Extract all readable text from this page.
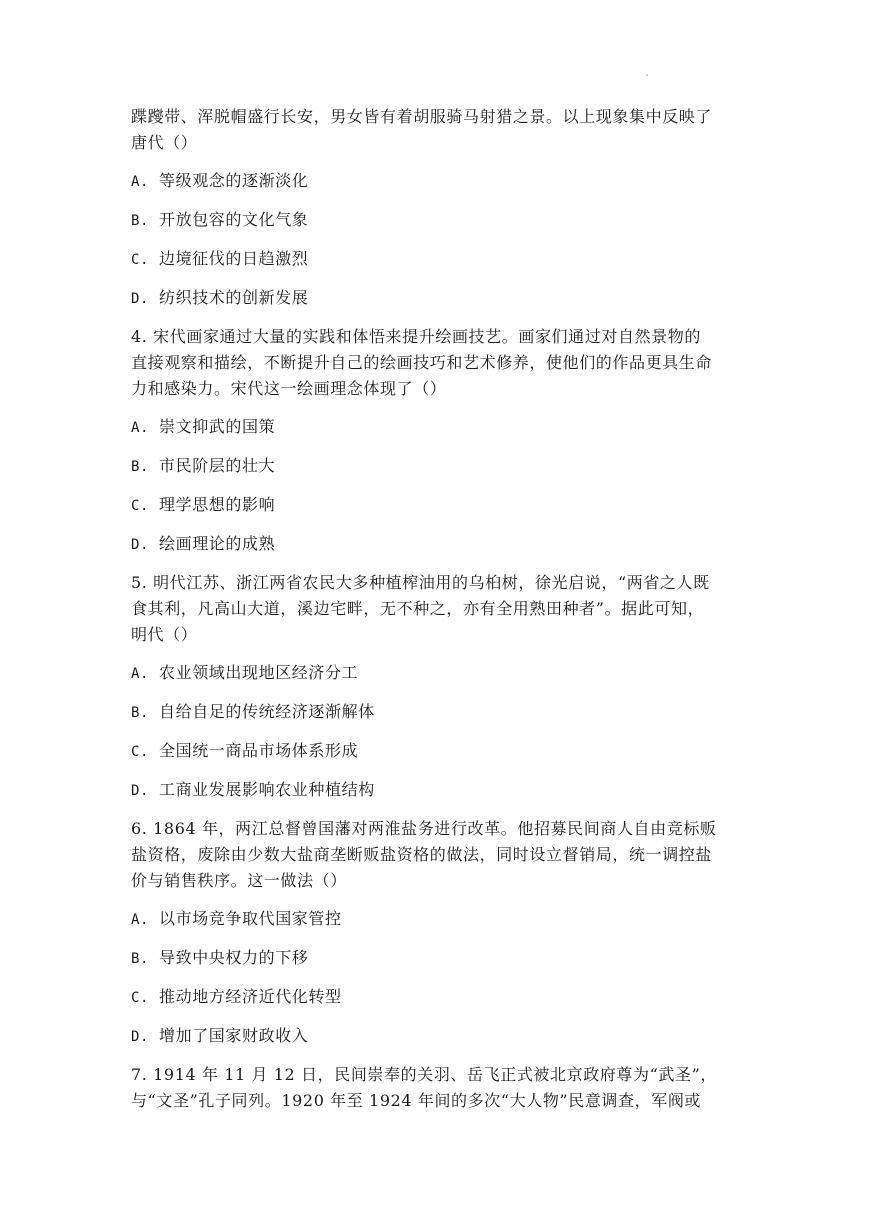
蹀躞带、浑脱帽盛行长安，男女皆有着胡服骑马射猎之景。以上现象集中反映了
唐代（）
A. 等级观念的逐渐淡化
B. 开放包容的文化气象
C. 边境征伐的日趋激烈
D. 纺织技术的创新发展
4. 宋代画家通过大量的实践和体悟来提升绘画技艺。画家们通过对自然景物的
直接观察和描绘，不断提升自己的绘画技巧和艺术修养，使他们的作品更具生命
力和感染力。宋代这一绘画理念体现了（）
A. 崇文抑武的国策
B. 市民阶层的壮大
C. 理学思想的影响
D. 绘画理论的成熟
5. 明代江苏、浙江两省农民大多种植榨油用的乌桕树，徐光启说，“两省之人既
食其利，凡高山大道，溪边宅畔，无不种之，亦有全用熟田种者”。据此可知，
明代（）
A. 农业领域出现地区经济分工
B. 自给自足的传统经济逐渐解体
C. 全国统一商品市场体系形成
D. 工商业发展影响农业种植结构
6. 1864 年，两江总督曾国藩对两淮盐务进行改革。他招募民间商人自由竞标贩
盐资格，废除由少数大盐商垄断贩盐资格的做法，同时设立督销局，统一调控盐
价与销售秩序。这一做法（）
A. 以市场竞争取代国家管控
B. 导致中央权力的下移
C. 推动地方经济近代化转型
D. 增加了国家财政收入
7. 1914 年 11 月 12 日，民间崇奉的关羽、岳飞正式被北京政府尊为“武圣”，
与“文圣”孔子同列。1920 年至 1924 年间的多次“大人物”民意调查，军阀或
